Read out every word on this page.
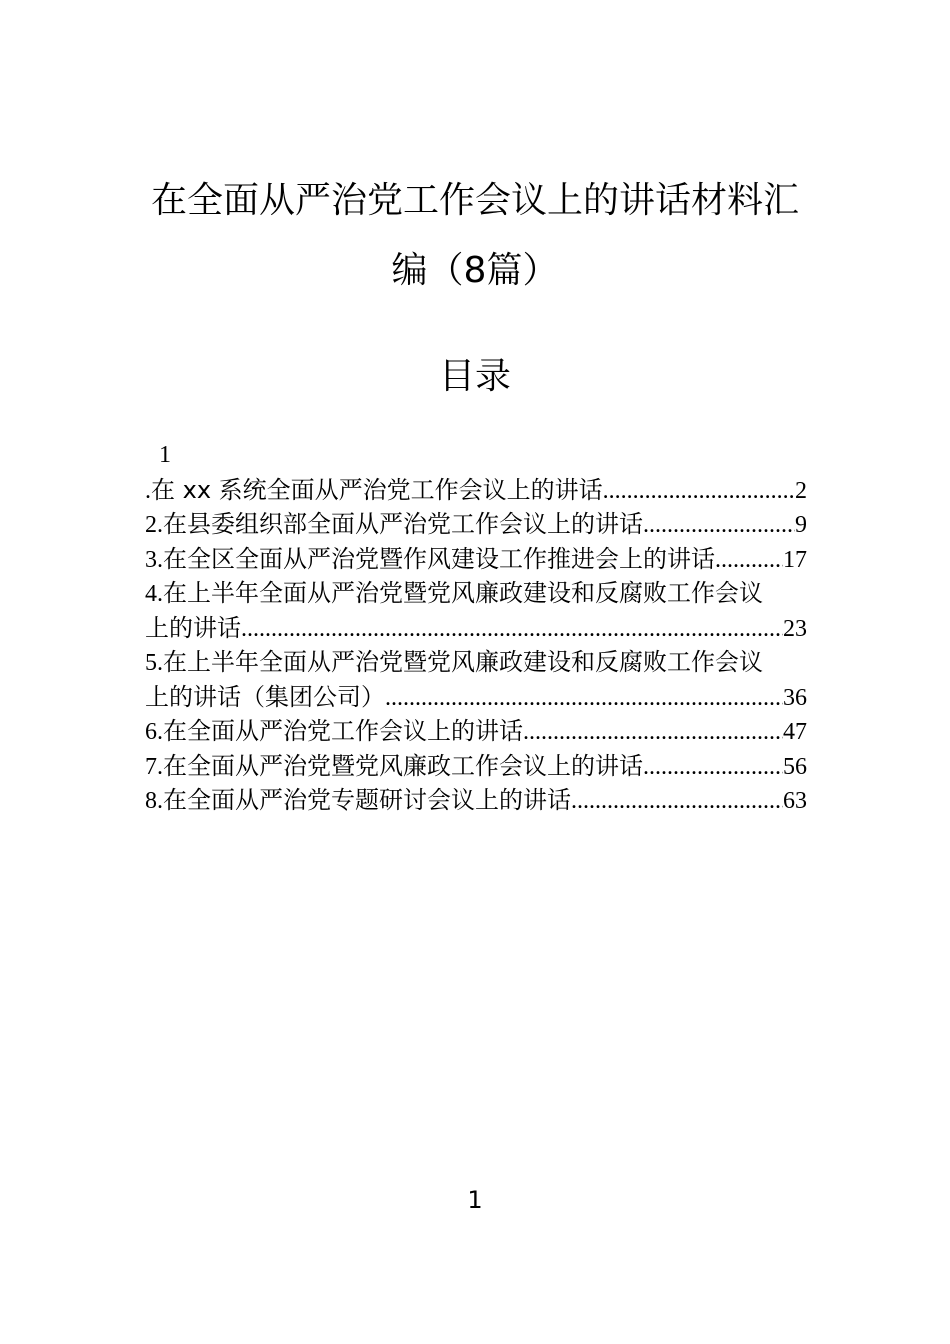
在全面从严治党工作会议上的讲话材料汇
编（8篇）
目录
1
.在 xx 系统全面从严治党工作会议上的讲话 .....	2
2.在县委组织部全面从严治党工作会议上的讲话 .....	9
3.在全区全面从严治党暨作风建设工作推进会上的讲话 .....	17
4.在上半年全面从严治党暨党风廉政建设和反腐败工作会议
上的讲话 .....	23
5.在上半年全面从严治党暨党风廉政建设和反腐败工作会议
上的讲话（集团公司） .....	36
6.在全面从严治党工作会议上的讲话 .....	47
7.在全面从严治党暨党风廉政工作会议上的讲话 .....	56
8.在全面从严治党专题研讨会议上的讲话 .....	63
1
